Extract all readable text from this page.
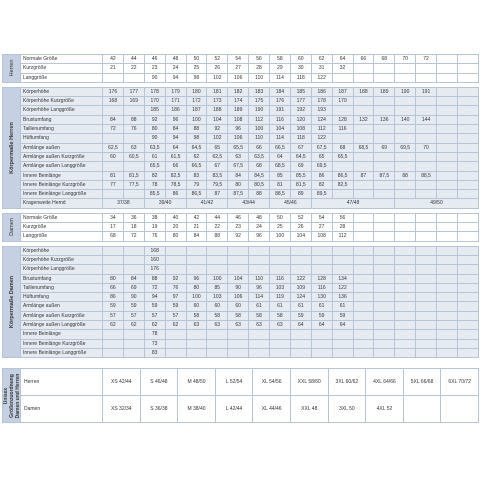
Herren	Normale Größe	42	44	46	48	50	52	54	56	58	60	62	64	66	68	70	72		
	Kurzgröße	21	22	23	24	25	26	27	28	29	30	31	32						
	Langgröße			90	94	98	102	106	110	114	118	122							

Körpermaße Herren	Körperhöhe	176	177	178	179	180	181	182	183	184	185	186	187	188	189	190	191		
	Körperhöhe Kurzgröße	168	169	170	171	172	173	174	175	176	177	178	179						
	Körperhöhe Langgröße			185	186	187	188	189	190	191	192	193							
	Brustumfang	84	88	92	96	100	104	108	112	116	120	124	128	132	136	140	144		
	Taillenumfang	72	76	80	84	88	92	96	100	104	108	112	116						
	Hüftumfang			90	94	98	102	106	110	114	118	122							
	Armlänge außen	62,5	63	63,5	64	64,5	65	65,5	66	66,5	67	67,5	68	68,5	69	69,5	70		
	Armlänge außen Kurzgröße	60	60,5	61	61,5	62	62,5	63	63,5	64	64,5	65	65,5						
	Armlänge außen Langgröße			65,5	66	66,5	67	67,5	68	68,5	69	69,5							
	Innere Beinlänge	81	81,5	82	82,5	83	83,5	84	84,5	85	85,5	86	86,5	87	87,5	88	88,5		
	Innere Beinlänge Kurzgröße	77	77,5	78	78,5	79	79,5	80	80,5	81	81,5	82	82,5						
	Innere Beinlänge Langgröße			85,5	86	86,5	87	87,5	88	88,5	89	89,5							
	Kragenweite Hemd	37/38		39/40		41/42		43/44		45/46		47/48				49/50			

Damen	Normale Größe	34	36	38	40	42	44	46	48	50	52	54	56						
	Kurzgröße	17	18	19	20	21	22	23	24	25	26	27	28						
	Langgröße	68	72	76	80	84	88	92	96	100	104	108	112						

Körpermaße Damen	Körperhöhe			168															
	Körperhöhe Kurzgröße			160															
	Körperhöhe Langgröße			176															
	Brustumfang	80	84	88	92	96	100	104	110	116	122	128	134						
	Taillenumfang	66	69	72	76	80	85	90	96	103	109	116	122						
	Hüftumfang	86	90	94	97	100	103	106	114	119	124	130	136						
	Armlänge außen	59	59	59	59	60	60	60	61	61	61	61	61						
	Armlänge außen Kurzgröße	57	57	57	57	58	58	58	58	58	59	59	59						
	Armlänge außen Langgröße	62	62	62	62	63	63	63	63	63	64	64	64						
	Innere Beinlänge			78															
	Innere Beinlänge Kurzgröße			73															
	Innere Beinlänge Langgröße			83															
Unisex Größenzuordnung Damen und Herren	Herren	XS 42/44	S 46/48	M 48/50	L 52/54	XL 54/56	XXL 58/60	3XL 60/62	4XL 64/66	5XL 66/68	6XL 70/72
	Damen	XS 32/34	S 36/38	M 38/40	L 42/44	XL 44/46	XXL 48	3XL 50	4XL 52		
